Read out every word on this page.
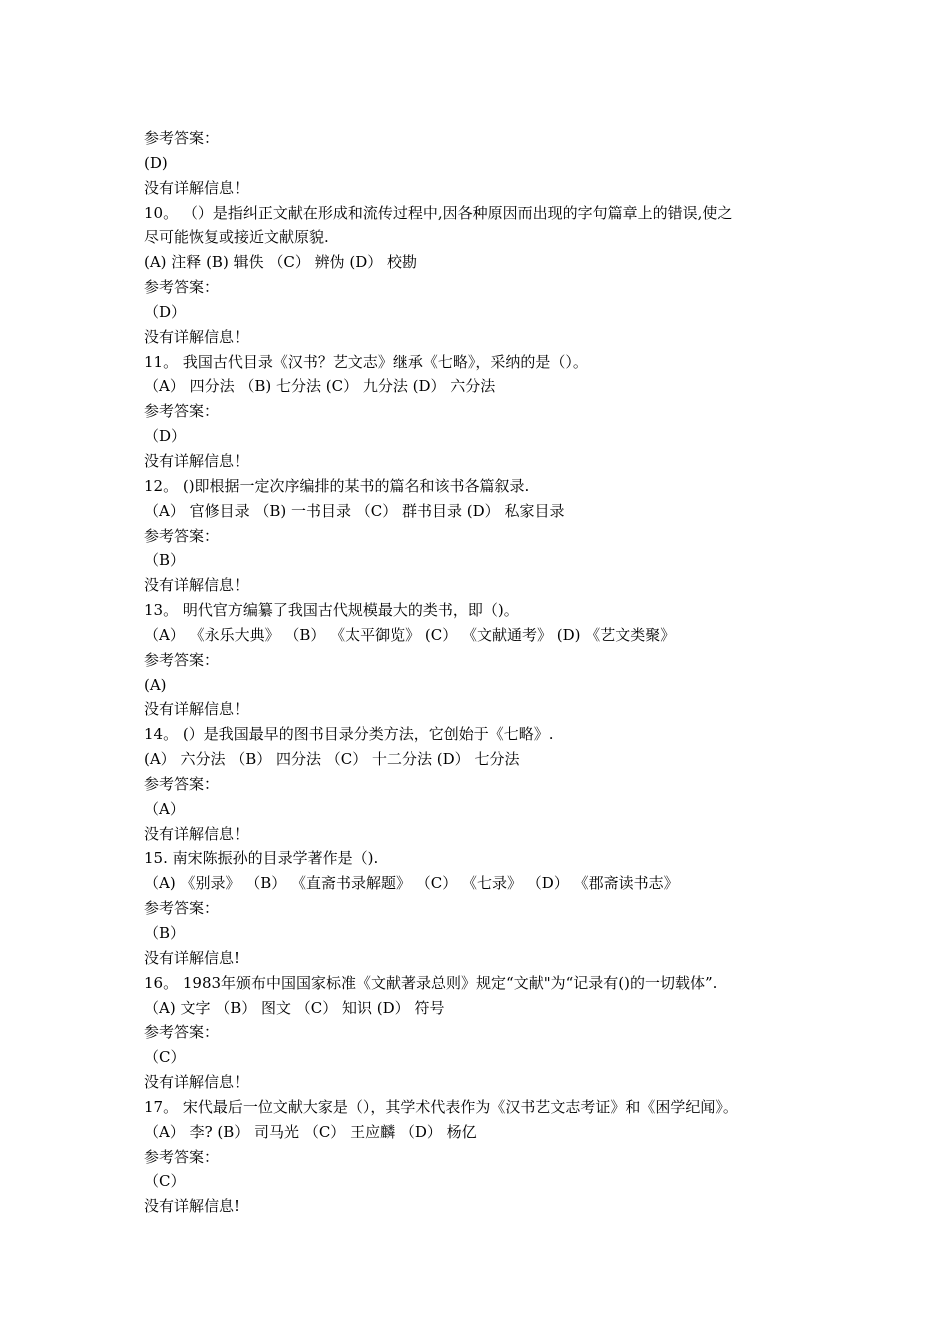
参考答案：
(D)
没有详解信息！
10。 （）是指纠正文献在形成和流传过程中,因各种原因而出现的字句篇章上的错误,使之
尽可能恢复或接近文献原貌.
(A) 注释 (B) 辑佚 （C） 辨伪 (D） 校勘
参考答案：
（D）
没有详解信息！
11。 我国古代目录《汉书？艺文志》继承《七略》，采纳的是（）。
（A） 四分法 （B) 七分法 (C） 九分法 (D） 六分法
参考答案：
（D）
没有详解信息！
12。 ()即根据一定次序编排的某书的篇名和该书各篇叙录.
（A） 官修目录 （B) 一书目录 （C） 群书目录 (D） 私家目录
参考答案：
（B）
没有详解信息！
13。 明代官方编纂了我国古代规模最大的类书，即（)。
（A） 《永乐大典》 （B） 《太平御览》 (C） 《文献通考》 (D) 《艺文类聚》
参考答案：
(A)
没有详解信息！
14。 (）是我国最早的图书目录分类方法，它创始于《七略》.
(A） 六分法 （B） 四分法 （C） 十二分法 (D） 七分法
参考答案：
（A）
没有详解信息！
15. 南宋陈振孙的目录学著作是（).
（A) 《别录》 （B） 《直斋书录解题》 （C） 《七录》 （D） 《郡斋读书志》
参考答案：
（B）
没有详解信息!
16。 1983年颁布中国国家标准《文献著录总则》规定“文献"为“记录有()的一切载体”.
（A) 文字 （B） 图文 （C） 知识 (D） 符号
参考答案：
（C）
没有详解信息！
17。 宋代最后一位文献大家是（），其学术代表作为《汉书艺文志考证》和《困学纪闻》。
（A） 李? (B） 司马光 （C） 王应麟 （D） 杨亿
参考答案：
（C）
没有详解信息!
